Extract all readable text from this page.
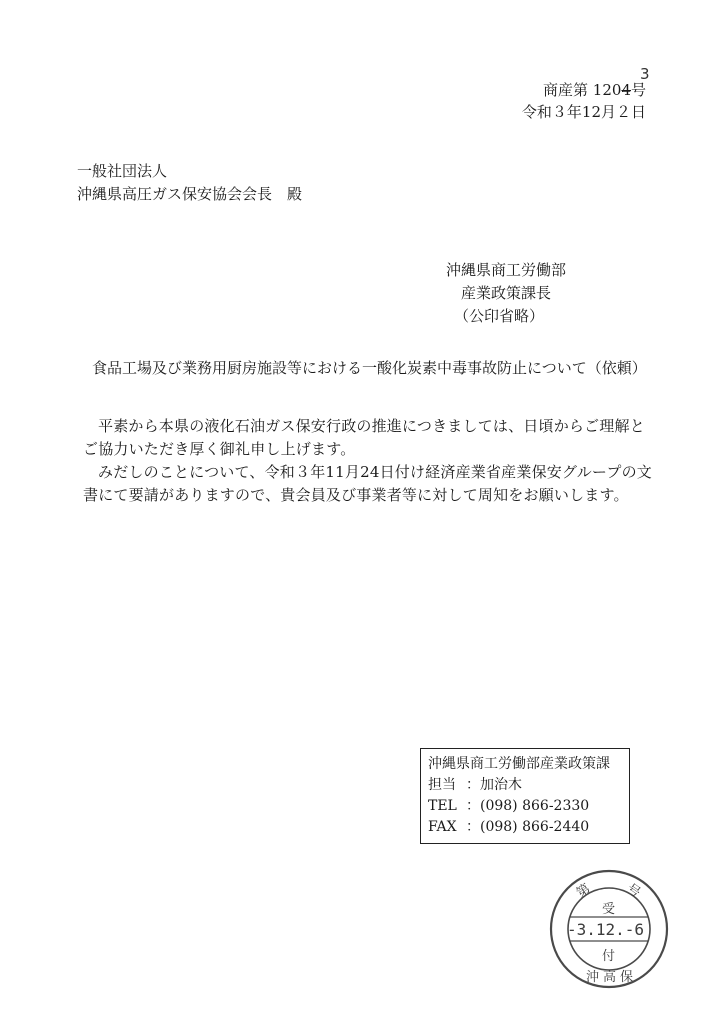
商産第 1204号
3
令和３年12月２日
一般社団法人
沖縄県高圧ガス保安協会会長　殿
沖縄県商工労働部
産業政策課長
（公印省略）
食品工場及び業務用厨房施設等における一酸化炭素中毒事故防止について（依頼）

平素から本県の液化石油ガス保安行政の推進につきましては、日頃からご理解とご協力いただき厚く御礼申し上げます。

みだしのことについて、令和３年11月24日付け経済産業省産業保安グループの文書にて要請がありますので、貴会員及び事業者等に対して周知をお願いします。

沖縄県商工労働部産業政策課
担当 ：加治木
TEL ：(098) 866-2330
FAX ：(098) 866-2440
第 号
受
-3.12.-6
付
沖高保
